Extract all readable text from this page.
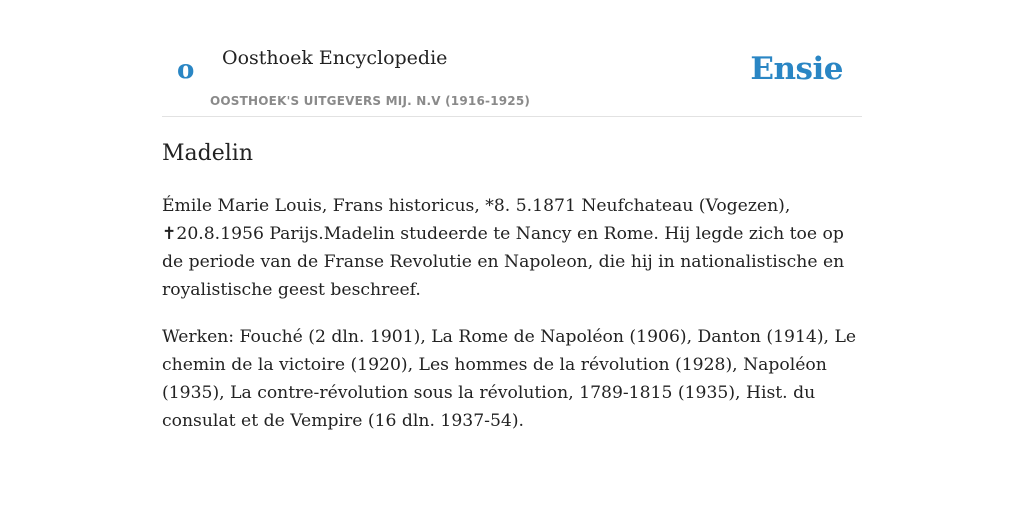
o Oosthoek Encyclopedie
OOSTHOEK'S UITGEVERS MIJ. N.V (1916-1925)
Ensie
Madelin

Émile Marie Louis, Frans historicus, *8. 5.1871 Neufchateau (Vogezen), ✝20.8.1956 Parijs.Madelin studeerde te Nancy en Rome. Hij legde zich toe op de periode van de Franse Revolutie en Napoleon, die hij in nationalistische en royalistische geest beschreef.

Werken: Fouché (2 dln. 1901), La Rome de Napoléon (1906), Danton (1914), Le chemin de la victoire (1920), Les hommes de la révolution (1928), Napoléon (1935), La contre-révolution sous la révolution, 1789-1815 (1935), Hist. du consulat et de Vempire (16 dln. 1937-54).
